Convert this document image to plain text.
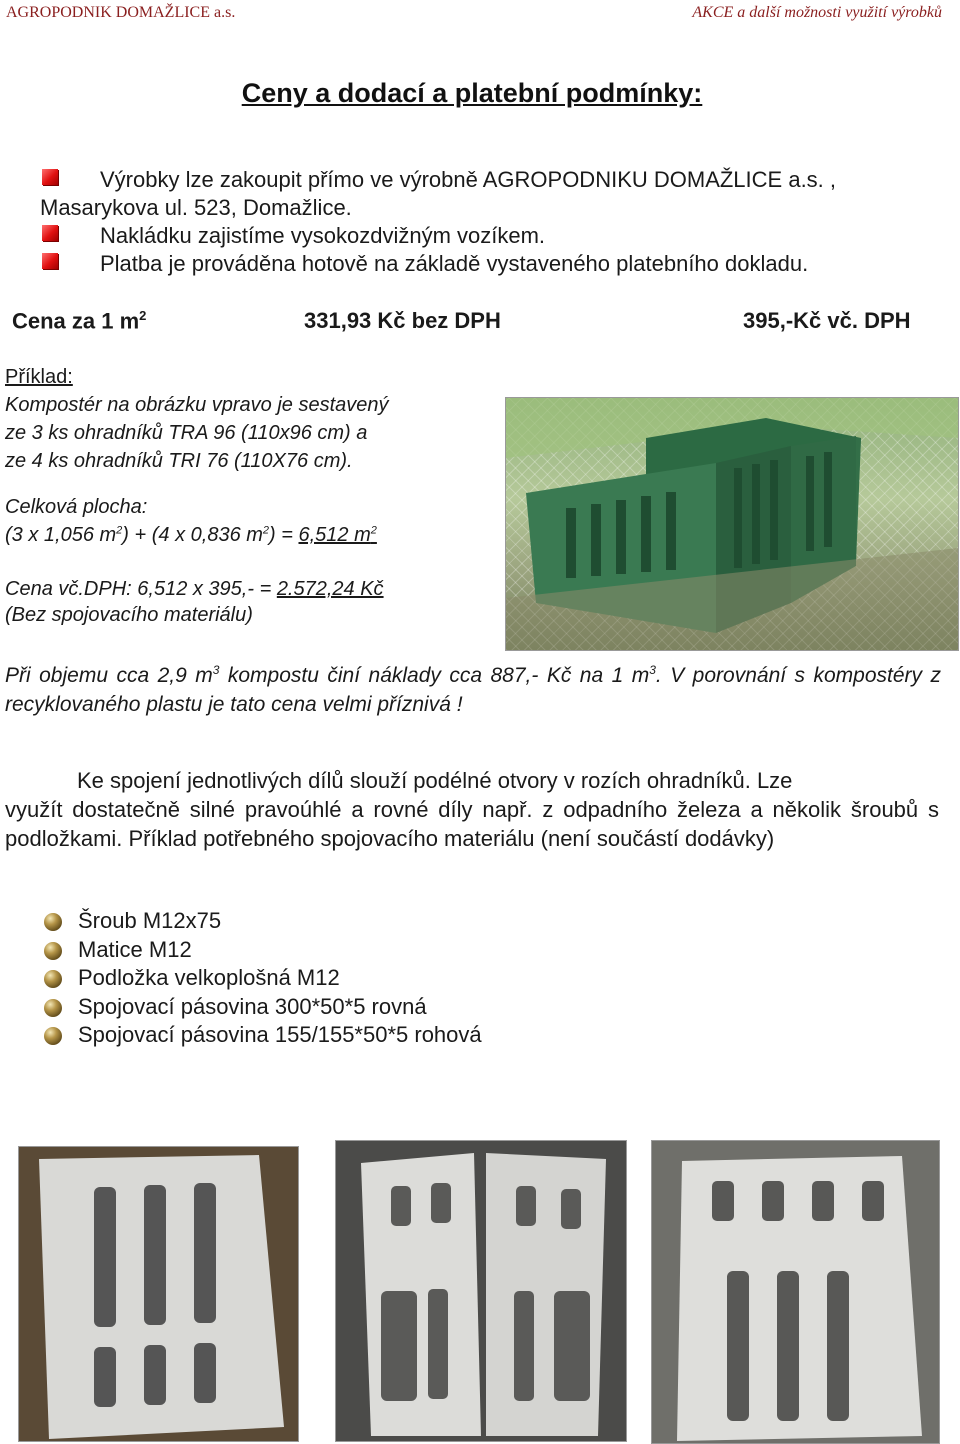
AGROPODNIK DOMAŽLICE a.s.	AKCE a další možnosti využití výrobků
Ceny a dodací a platební podmínky:
Výrobky lze zakoupit přímo ve výrobně AGROPODNIKU DOMAŽLICE a.s. ,
Masarykova ul. 523, Domažlice.
Nakládku zajistíme vysokozdvižným vozíkem.
Platba je prováděna hotově na základě vystaveného platebního dokladu.
Cena za 1 $m^2$	331,93 Kč bez DPH	395,-Kč vč. DPH
Příklad:
Kompostér na obrázku vpravo je sestavený
ze 3 ks ohradníků TRA 96 (110x96 cm) a
ze 4 ks ohradníků TRI 76 (110X76 cm).
Celková plocha:
(3 x 1,056 $m^2) + (4$ x 0,836 $m^2) = 6,512$ $m^2$
Cena vč.DPH: 6,512 x 395,- = 2.572,24 Kč
(Bez spojovacího materiálu)
Při objemu cca 2,9 $m^3$ kompostu činí náklady cca 887,- Kč na 1 $m^3$. V porovnání s kompostéry z recyklovaného plastu je tato cena velmi příznivá !
Ke spojení jednotlivých dílů slouží podélné otvory v rozích ohradníků. Lze
využít dostatečně silné pravoúhlé a rovné díly např. z odpadního železa a několik šroubů s podložkami. Příklad potřebného spojovacího materiálu (není součástí dodávky)
Šroub M12x75
Matice M12
Podložka velkoplošná M12
Spojovací pásovina 300*50*5 rovná
Spojovací pásovina 155/155*50*5 rohová
